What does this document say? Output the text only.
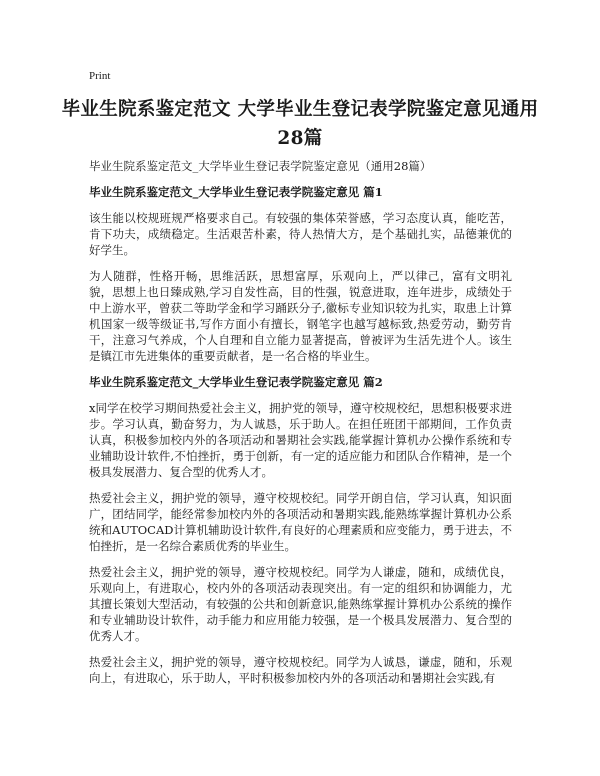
Print
毕业生院系鉴定范文 大学毕业生登记表学院鉴定意见通用28篇
毕业生院系鉴定范文_大学毕业生登记表学院鉴定意见（通用28篇）
毕业生院系鉴定范文_大学毕业生登记表学院鉴定意见 篇1

该生能以校规班规严格要求自己。有较强的集体荣誉感，学习态度认真，能吃苦，肯下功夫，成绩稳定。生活艰苦朴素，待人热情大方，是个基础扎实，品德兼优的好学生。

为人随群，性格开畅，思维活跃，思想富厚，乐观向上，严以律己，富有文明礼貌，思想上也日臻成熟,学习自发性高，目的性强，锐意进取，连年进步，成绩处于中上游水平，曾获二等助学金和学习踊跃分子,徽标专业知识较为扎实，取患上计算机国家一级等级证书,写作方面小有擅长，钢笔字也越写越标致,热爱劳动，勤劳肯干，注意习气养成，个人自理和自立能力显著提高，曾被评为生活先进个人。该生是镇江市先进集体的重要贡献者，是一名合格的毕业生。

毕业生院系鉴定范文_大学毕业生登记表学院鉴定意见 篇2

x同学在校学习期间热爱社会主义，拥护党的领导，遵守校规校纪，思想积极要求进步。学习认真，勤奋努力，为人诚恳，乐于助人。在担任班团干部期间，工作负责认真，积极参加校内外的各项活动和暑期社会实践,能掌握计算机办公操作系统和专业辅助设计软件,不怕挫折，勇于创新，有一定的适应能力和团队合作精神，是一个极具发展潜力、复合型的优秀人才。

热爱社会主义，拥护党的领导，遵守校规校纪。同学开朗自信，学习认真，知识面广，团结同学，能经常参加校内外的各项活动和暑期实践,能熟练掌握计算机办公系统和AUTOCAD计算机辅助设计软件,有良好的心理素质和应变能力，勇于进去，不怕挫折，是一名综合素质优秀的毕业生。

热爱社会主义，拥护党的领导，遵守校规校纪。同学为人谦虚，随和，成绩优良，乐观向上，有进取心，校内外的各项活动表现突出。有一定的组织和协调能力，尤其擅长策划大型活动，有较强的公共和创新意识,能熟练掌握计算机办公系统的操作和专业辅助设计软件，动手能力和应用能力较强，是一个极具发展潜力、复合型的优秀人才。

热爱社会主义，拥护党的领导，遵守校规校纪。同学为人诚恳，谦虚，随和，乐观向上，有进取心，乐于助人，平时积极参加校内外的各项活动和暑期社会实践,有
